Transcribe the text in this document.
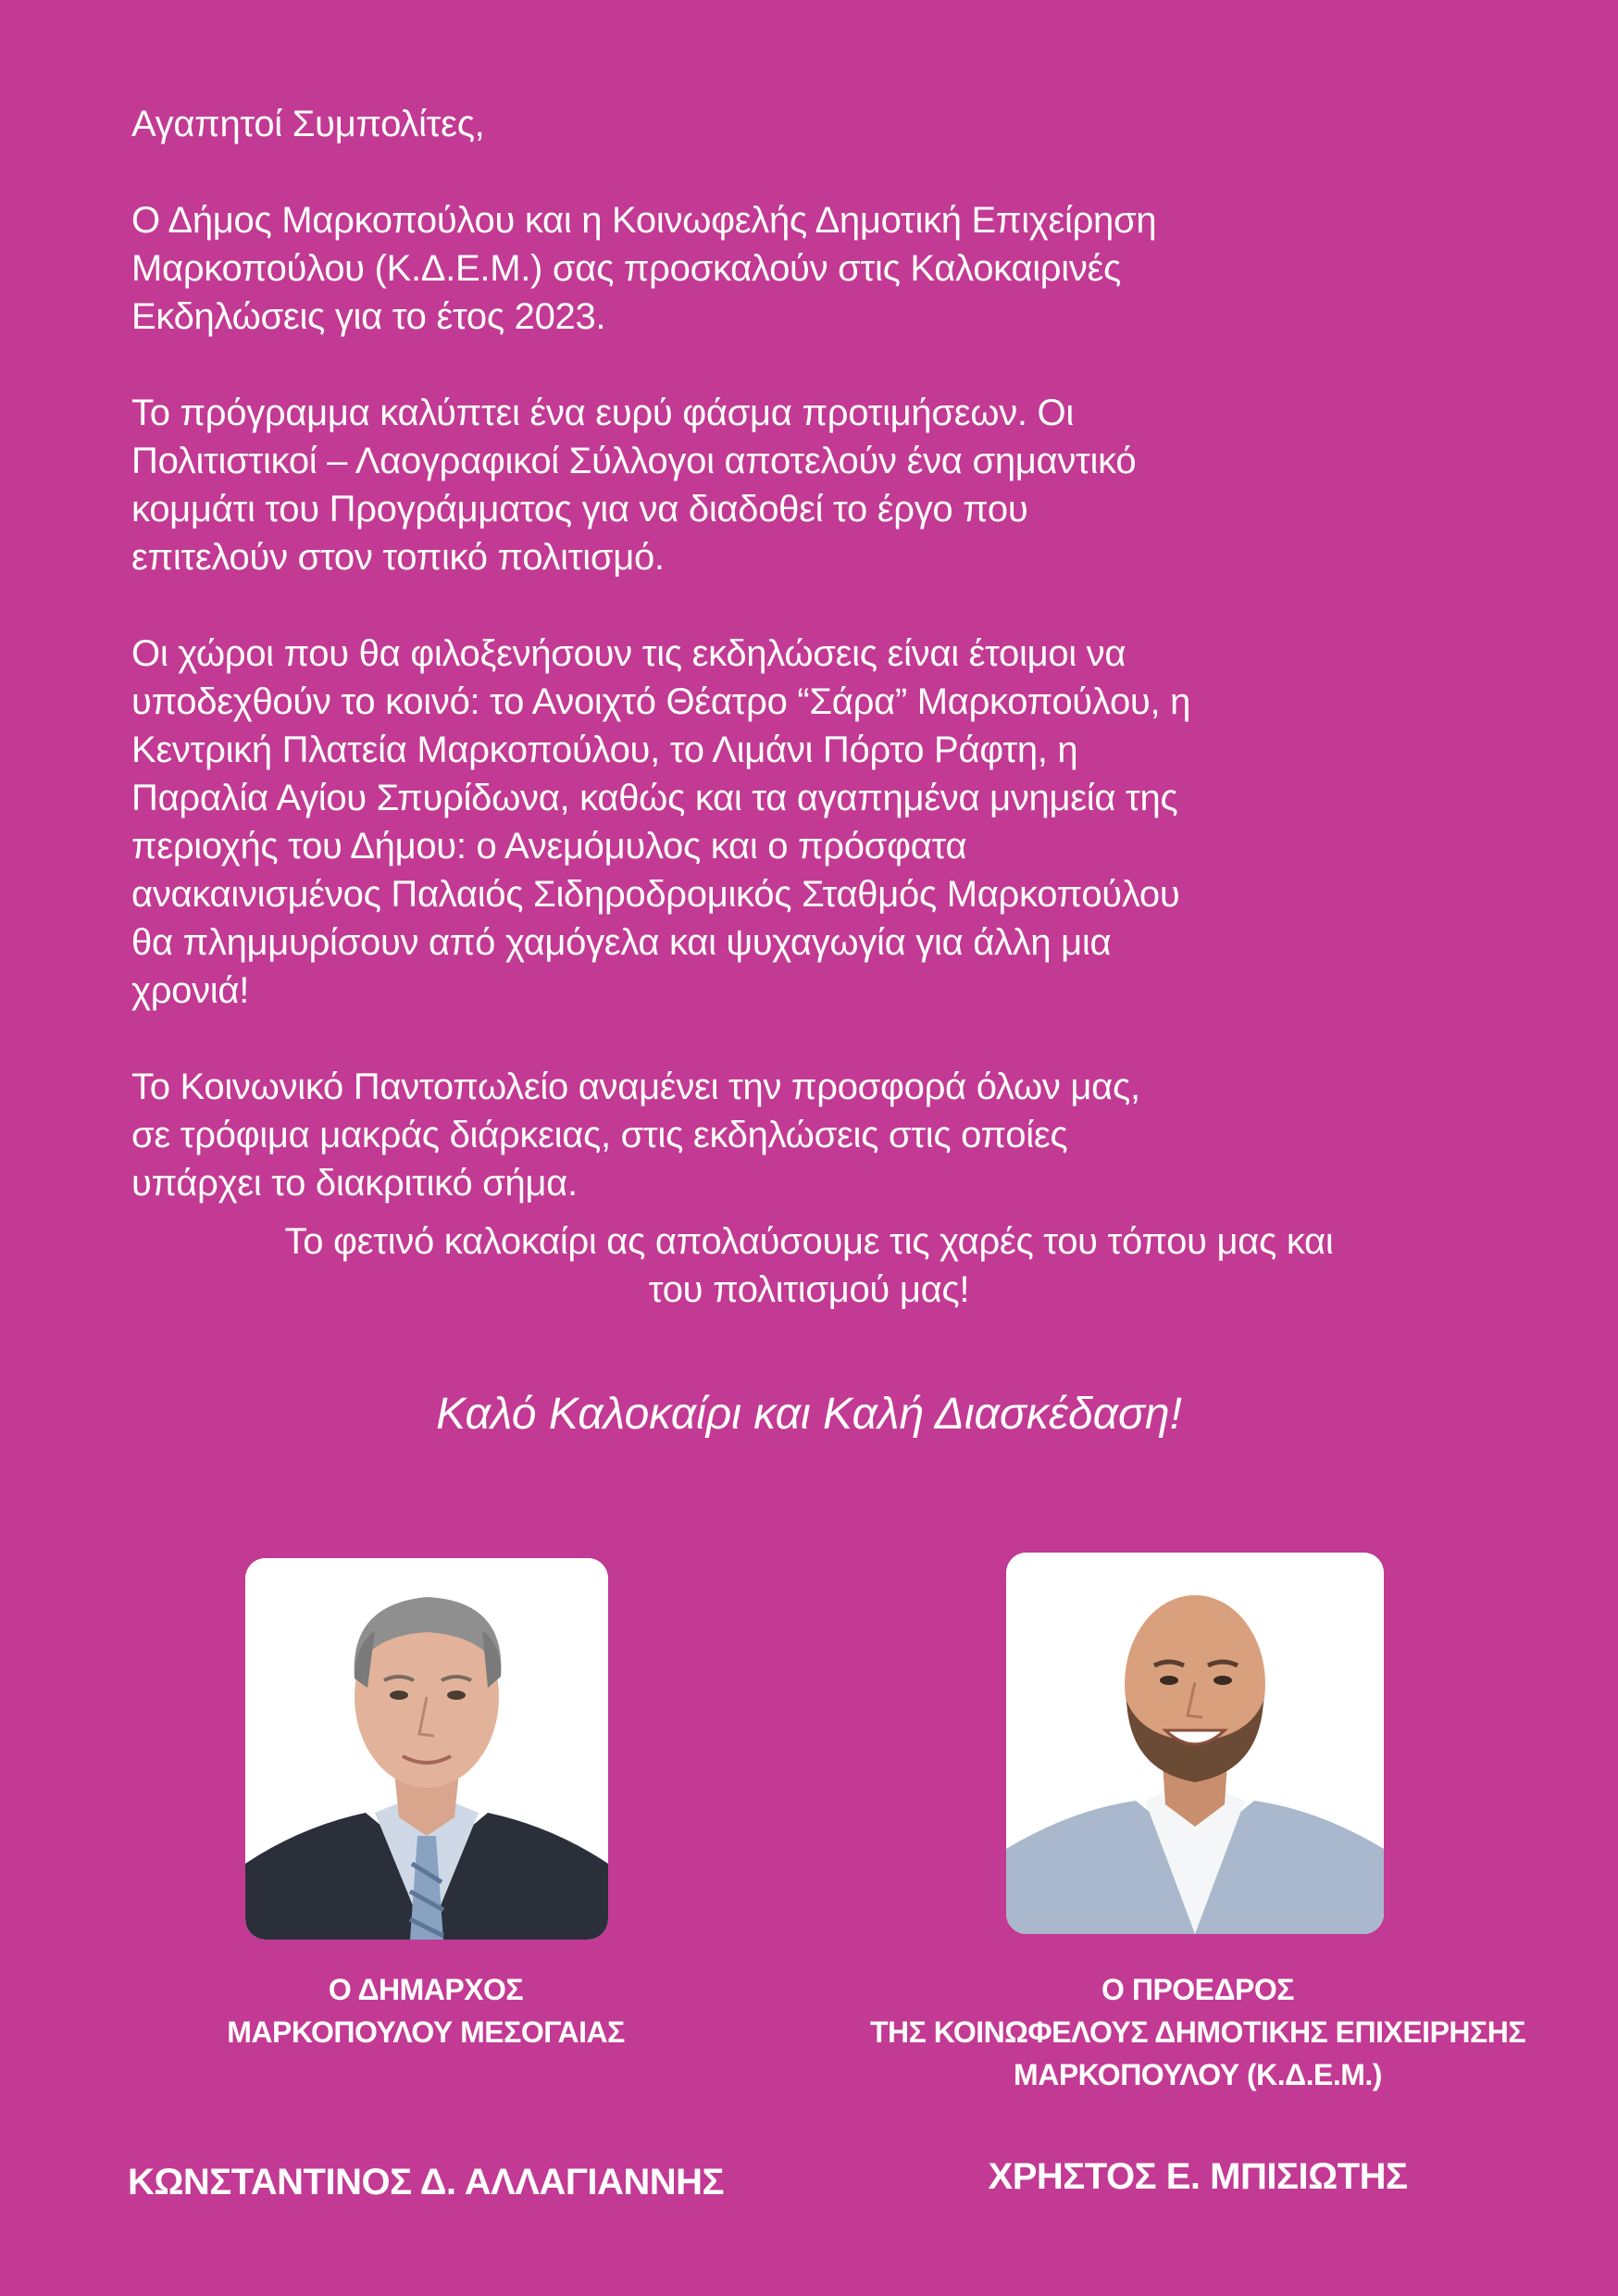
Αγαπητοί Συμπολίτες,

Ο Δήμος Μαρκοπούλου και η Κοινωφελής Δημοτική Επιχείρηση
Μαρκοπούλου (Κ.Δ.Ε.Μ.) σας προσκαλούν στις Καλοκαιρινές
Εκδηλώσεις για το έτος 2023.

Το πρόγραμμα καλύπτει ένα ευρύ φάσμα προτιμήσεων. Οι
Πολιτιστικοί – Λαογραφικοί Σύλλογοι αποτελούν ένα σημαντικό
κομμάτι του Προγράμματος για να διαδοθεί το έργο που
επιτελούν στον τοπικό πολιτισμό.

Οι χώροι που θα φιλοξενήσουν τις εκδηλώσεις είναι έτοιμοι να
υποδεχθούν το κοινό: το Ανοιχτό Θέατρο “Σάρα” Μαρκοπούλου, η
Κεντρική Πλατεία Μαρκοπούλου, το Λιμάνι Πόρτο Ράφτη, η
Παραλία Αγίου Σπυρίδωνα, καθώς και τα αγαπημένα μνημεία της
περιοχής του Δήμου: ο Ανεμόμυλος και ο πρόσφατα
ανακαινισμένος Παλαιός Σιδηροδρομικός Σταθμός Μαρκοπούλου
θα πλημμυρίσουν από χαμόγελα και ψυχαγωγία για άλλη μια
χρονιά!

Το Κοινωνικό Παντοπωλείο αναμένει την προσφορά όλων μας,
σε τρόφιμα μακράς διάρκειας, στις εκδηλώσεις στις οποίες
υπάρχει το διακριτικό σήμα.

Το φετινό καλοκαίρι ας απολαύσουμε τις χαρές του τόπου μας και
του πολιτισμού μας!
Καλό Καλοκαίρι και Καλή Διασκέδαση!
Ο ΔΗΜΑΡΧΟΣ
ΜΑΡΚΟΠΟΥΛΟΥ ΜΕΣΟΓΑΙΑΣ
Ο ΠΡΟΕΔΡΟΣ
ΤΗΣ ΚΟΙΝΩΦΕΛΟΥΣ ΔΗΜΟΤΙΚΗΣ ΕΠΙΧΕΙΡΗΣΗΣ
ΜΑΡΚΟΠΟΥΛΟΥ (Κ.Δ.Ε.Μ.)
ΚΩΝΣΤΑΝΤΙΝΟΣ Δ. ΑΛΛΑΓΙΑΝΝΗΣ	ΧΡΗΣΤΟΣ Ε. ΜΠΙΣΙΩΤΗΣ
